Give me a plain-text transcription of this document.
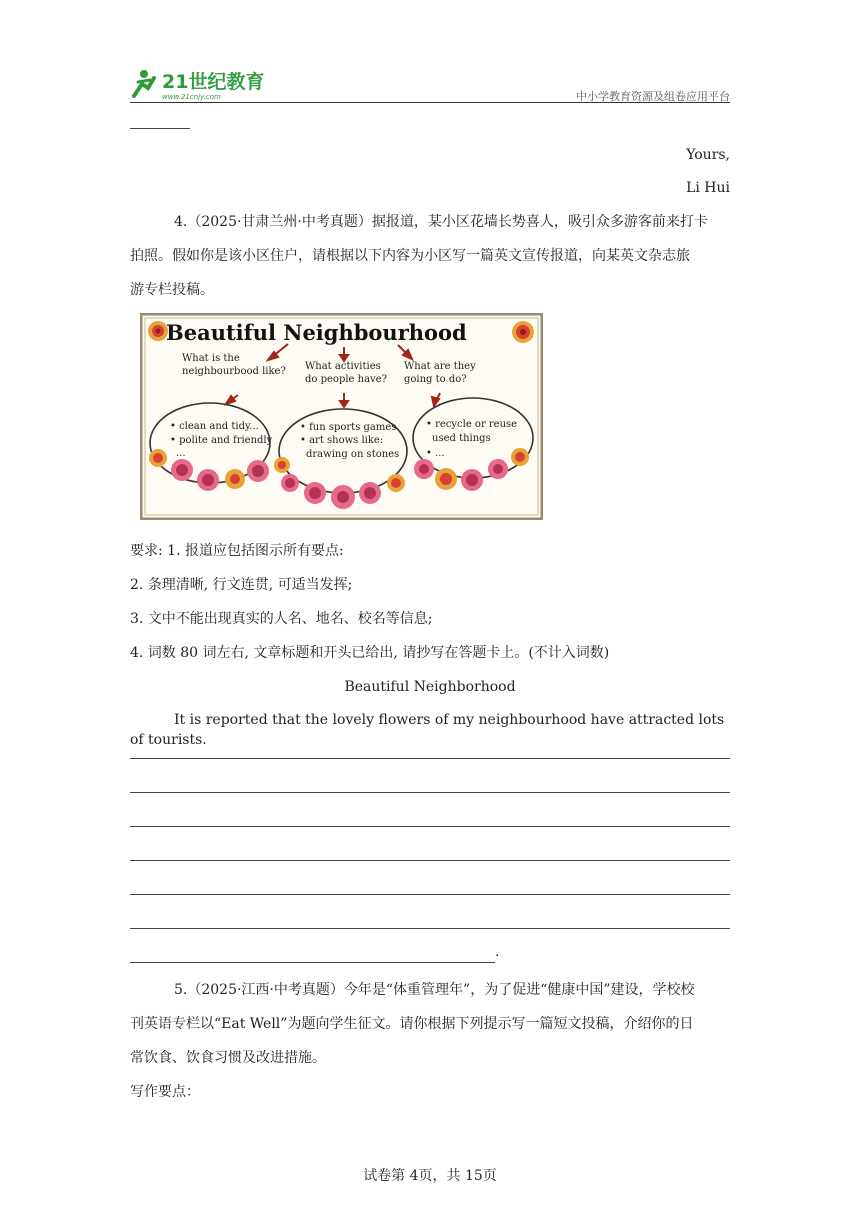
21世纪教育
www.21cnjy.com	中小学教育资源及组卷应用平台
Yours,
Li Hui
4.（2025·甘肃兰州·中考真题）据报道，某小区花墙长势喜人，吸引众多游客前来打卡
拍照。假如你是该小区住户，请根据以下内容为小区写一篇英文宣传报道，向某英文杂志旅
游专栏投稿。
Beautiful Neighbourhood
What is the
neighbourbood like? What activities
do people have?
What are they
going to do?
• clean and tidy...
• polite and friendly
...
• fun sports games
• art shows like:
drawing on stones
• recycle or reuse
used things
• ...
要求: 1. 报道应包括图示所有要点:
2. 条理清晰, 行文连贯, 可适当发挥;
3. 文中不能出现真实的人名、地名、校名等信息;
4. 词数 80 词左右, 文章标题和开头已给出, 请抄写在答题卡上。(不计入词数)
Beautiful Neighborhood
It is reported that the lovely flowers of my neighbourhood have attracted lots of tourists.
.
5.（2025·江西·中考真题）今年是“体重管理年”，为了促进“健康中国”建设，学校校
刊英语专栏以“Eat Well”为题向学生征文。请你根据下列提示写一篇短文投稿，介绍你的日
常饮食、饮食习惯及改进措施。
写作要点：
试卷第 4页，共 15页
